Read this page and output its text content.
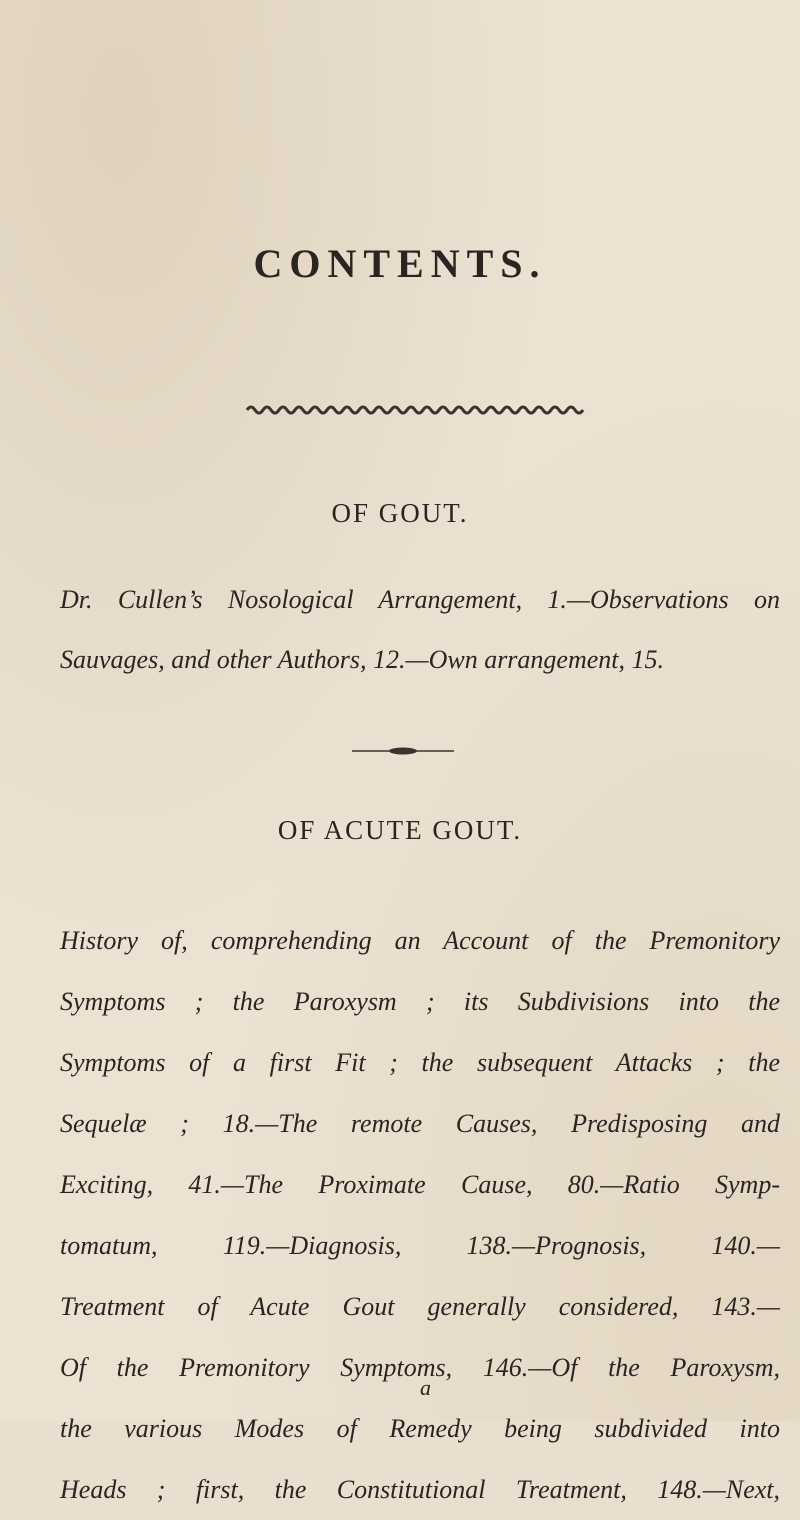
CONTENTS.
OF GOUT.
Dr. Cullen’s Nosological Arrangement, 1.—Observations on
Sauvages, and other Authors, 12.—Own arrangement, 15.
OF ACUTE GOUT.
History of, comprehending an Account of the Premonitory
Symptoms ; the Paroxysm ; its Subdivisions into the
Symptoms of a first Fit ; the subsequent Attacks ; the
Sequelæ ; 18.—The remote Causes, Predisposing and
Exciting, 41.—The Proximate Cause, 80.—Ratio Symp-
tomatum, 119.—Diagnosis, 138.—Prognosis, 140.—
Treatment of Acute Gout generally considered, 143.—
Of the Premonitory Symptoms, 146.—Of the Paroxysm,
the various Modes of Remedy being subdivided into
Heads ; first, the Constitutional Treatment, 148.—Next,
a
